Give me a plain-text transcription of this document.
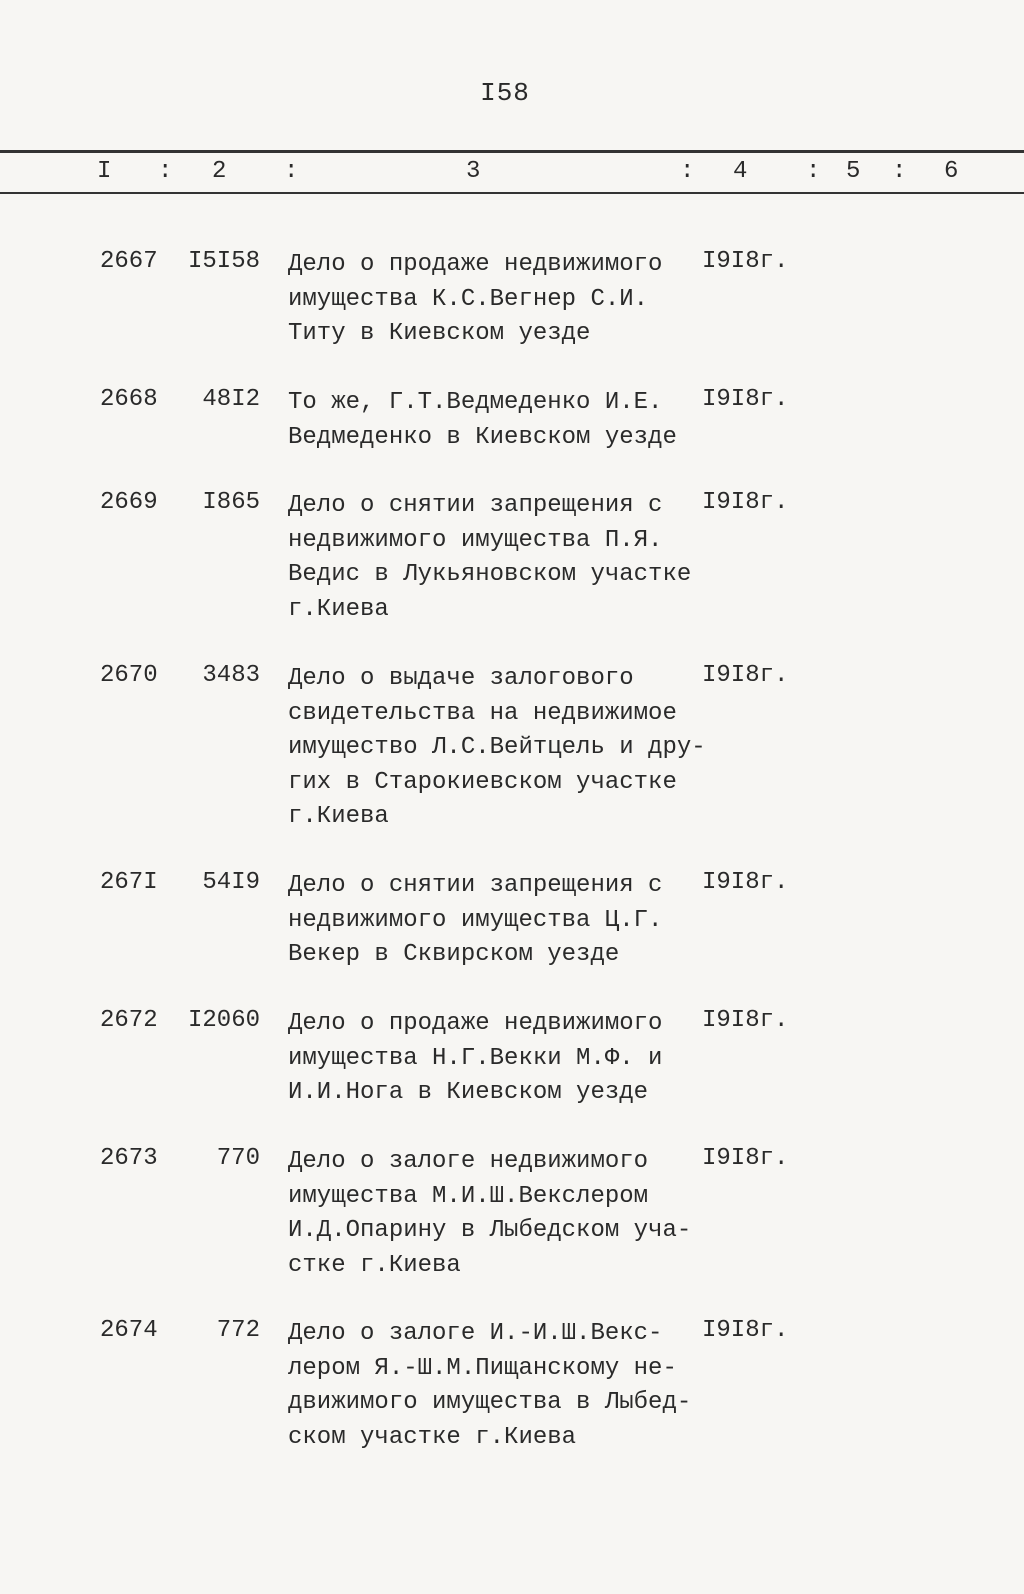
I58
I : 2 :	3	: 4 : 5 : 6
2667	I5I58 Дело о продаже недвижимого
имущества К.С.Вегнер С.И.
Титу в Киевском уезде
I9I8г.
2668	48I2 То же, Г.Т.Ведмеденко И.Е.
Ведмеденко в Киевском уезде
I9I8г.
2669	I865 Дело о снятии запрещения с
недвижимого имущества П.Я.
Ведис в Лукьяновском участке
г.Киева
I9I8г.
2670	3483 Дело о выдаче залогового
свидетельства на недвижимое
имущество Л.С.Вейтцель и дру-
гих в Старокиевском участке
г.Киева
I9I8г.
267I	54I9 Дело о снятии запрещения с
недвижимого имущества Ц.Г.
Векер в Сквирском уезде
I9I8г.
2672	I2060 Дело о продаже недвижимого
имущества Н.Г.Векки М.Ф. и
И.И.Нога в Киевском уезде
I9I8г.
2673	770 Дело о залоге недвижимого
имущества М.И.Ш.Векслером
И.Д.Опарину в Лыбедском уча-
стке г.Киева
I9I8г.
2674	772 Дело о залоге И.-И.Ш.Векс-
лером Я.-Ш.М.Пищанскому не-
движимого имущества в Лыбед-
ском участке г.Киева
I9I8г.
